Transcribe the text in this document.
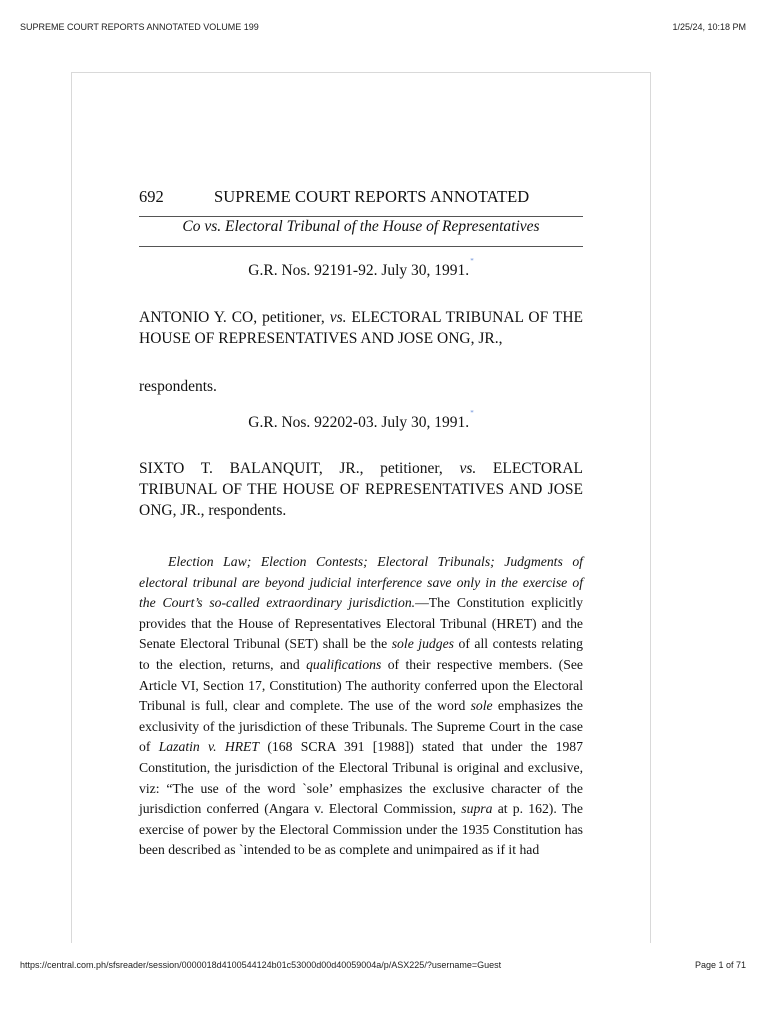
SUPREME COURT REPORTS ANNOTATED VOLUME 199	1/25/24, 10:18 PM
692	SUPREME COURT REPORTS ANNOTATED
Co vs. Electoral Tribunal of the House of Representatives
G.R. Nos. 92191-92. July 30, 1991.*
ANTONIO Y. CO, petitioner, vs. ELECTORAL TRIBUNAL OF THE HOUSE OF REPRESENTATIVES AND JOSE ONG, JR.,
respondents.
G.R. Nos. 92202-03. July 30, 1991.*
SIXTO T. BALANQUIT, JR., petitioner, vs. ELECTORAL TRIBUNAL OF THE HOUSE OF REPRESENTATIVES AND JOSE ONG, JR., respondents.
Election Law; Election Contests; Electoral Tribunals; Judgments of electoral tribunal are beyond judicial interference save only in the exercise of the Court’s so-called extraordinary jurisdiction.—The Constitution explicitly provides that the House of Representatives Electoral Tribunal (HRET) and the Senate Electoral Tribunal (SET) shall be the sole judges of all contests relating to the election, returns, and qualifications of their respective members. (See Article VI, Section 17, Constitution) The authority conferred upon the Electoral Tribunal is full, clear and complete. The use of the word sole emphasizes the exclusivity of the jurisdiction of these Tribunals. The Supreme Court in the case of Lazatin v. HRET (168 SCRA 391 [1988]) stated that under the 1987 Constitution, the jurisdiction of the Electoral Tribunal is original and exclusive, viz: “The use of the word `sole’ emphasizes the exclusive character of the jurisdiction conferred (Angara v. Electoral Commission, supra at p. 162). The exercise of power by the Electoral Commission under the 1935 Constitution has been described as `intended to be as complete and unimpaired as if it had
https://central.com.ph/sfsreader/session/0000018d4100544124b01c53000d00d40059004a/p/ASX225/?username=Guest	Page 1 of 71
